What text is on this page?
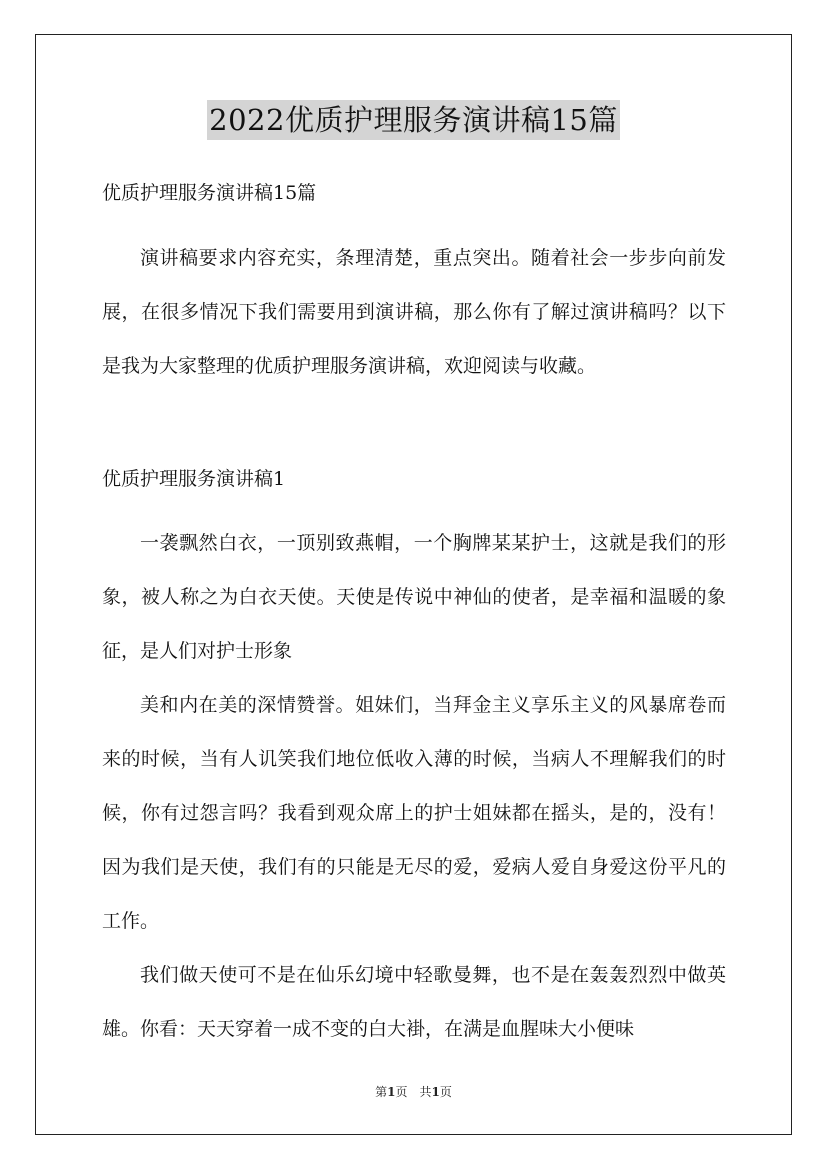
2022优质护理服务演讲稿15篇

优质护理服务演讲稿15篇

演讲稿要求内容充实，条理清楚，重点突出。随着社会一步步向前发展，在很多情况下我们需要用到演讲稿，那么你有了解过演讲稿吗？以下是我为大家整理的优质护理服务演讲稿，欢迎阅读与收藏。

优质护理服务演讲稿1

一袭飘然白衣，一顶别致燕帽，一个胸牌某某护士，这就是我们的形象，被人称之为白衣天使。天使是传说中神仙的使者，是幸福和温暖的象征，是人们对护士形象

美和内在美的深情赞誉。姐妹们，当拜金主义享乐主义的风暴席卷而来的时候，当有人讥笑我们地位低收入薄的时候，当病人不理解我们的时候，你有过怨言吗？我看到观众席上的护士姐妹都在摇头，是的，没有！因为我们是天使，我们有的只能是无尽的爱，爱病人爱自身爱这份平凡的工作。

我们做天使可不是在仙乐幻境中轻歌曼舞，也不是在轰轰烈烈中做英雄。你看：天天穿着一成不变的白大褂，在满是血腥味大小便味

第1页　共1页
